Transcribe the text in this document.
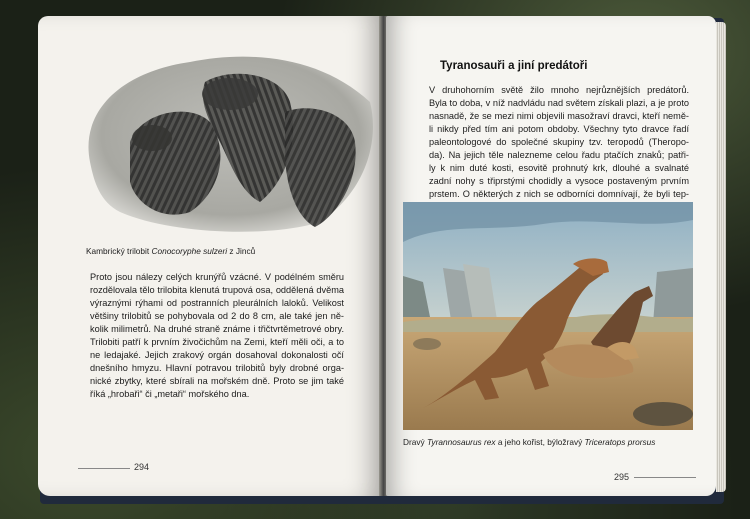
Kambrický trilobit Conocoryphe sulzeri z Jinců
Proto jsou nálezy celých krunýřů vzácné. V podélném směru
rozdělovala tělo trilobita klenutá trupová osa, oddělená dvěma
výraznými rýhami od postranních pleurálních laloků. Velikost
většiny trilobitů se pohybovala od 2 do 8 cm, ale také jen ně-
kolik milimetrů. Na druhé straně známe i třičtvrtěmetrové obry.
Trilobiti patří k prvním živočichům na Zemi, kteří měli oči, a to
ne ledajaké. Jejich zrakový orgán dosahoval dokonalosti očí
dnešního hmyzu. Hlavní potravou trilobitů byly drobné orga-
nické zbytky, které sbírali na mořském dně. Proto se jim také
říká „hrobaři“ či „metaři“ mořského dna.
294
Tyranosauři a jiní predátoři
V druhohorním světě žilo mnoho nejrůznějších predátorů.
Byla to doba, v níž nadvládu nad světem získali plazi, a je proto
nasnadě, že se mezi nimi objevili masožraví dravci, kteří nemě-
li nikdy před tím ani potom obdoby. Všechny tyto dravce řadí
paleontologové do společné skupiny tzv. teropodů (Theropo-
da). Na jejich těle nalezneme celou řadu ptačích znaků; patři-
ly k nim duté kosti, esovitě prohnutý krk, dlouhé a svalnaté
zadní nohy s třiprstými chodidly a vysoce postaveným prvním
prstem. O některých z nich se odborníci domnívají, že byli tep-
Dravý Tyrannosaurus rex a jeho kořist, býložravý Triceratops prorsus
295
